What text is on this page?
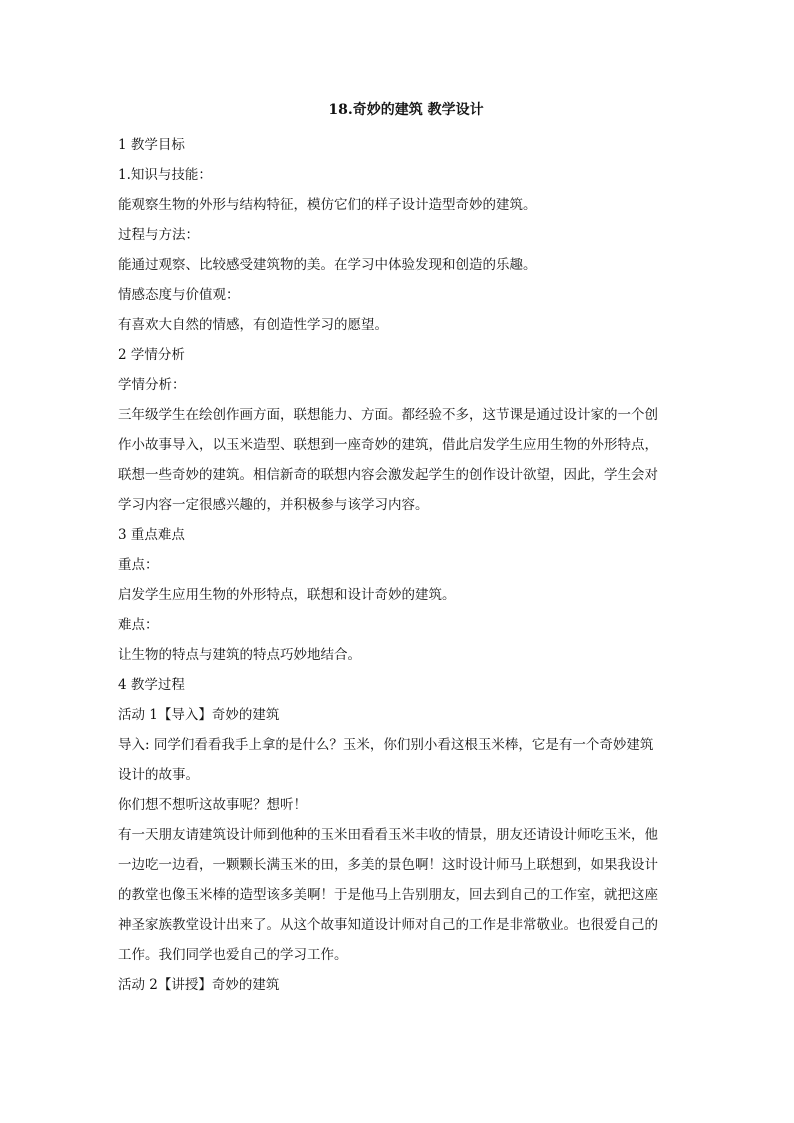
18.奇妙的建筑 教学设计
1 教学目标
1.知识与技能：
能观察生物的外形与结构特征，模仿它们的样子设计造型奇妙的建筑。
过程与方法：
能通过观察、比较感受建筑物的美。在学习中体验发现和创造的乐趣。
情感态度与价值观：
有喜欢大自然的情感，有创造性学习的愿望。
2 学情分析
学情分析：
三年级学生在绘创作画方面，联想能力、方面。都经验不多，这节课是通过设计家的一个创
作小故事导入，以玉米造型、联想到一座奇妙的建筑，借此启发学生应用生物的外形特点，
联想一些奇妙的建筑。相信新奇的联想内容会激发起学生的创作设计欲望，因此，学生会对
学习内容一定很感兴趣的，并积极参与该学习内容。
3 重点难点
重点：
启发学生应用生物的外形特点，联想和设计奇妙的建筑。
难点：
让生物的特点与建筑的特点巧妙地结合。
4 教学过程
活动 1【导入】奇妙的建筑
导入: 同学们看看我手上拿的是什么？玉米，你们别小看这根玉米棒，它是有一个奇妙建筑
设计的故事。
你们想不想听这故事呢？想听！
有一天朋友请建筑设计师到他种的玉米田看看玉米丰收的情景，朋友还请设计师吃玉米，他
一边吃一边看，一颗颗长满玉米的田，多美的景色啊！这时设计师马上联想到，如果我设计
的教堂也像玉米棒的造型该多美啊！于是他马上告别朋友，回去到自己的工作室，就把这座
神圣家族教堂设计出来了。从这个故事知道设计师对自己的工作是非常敬业。也很爱自己的
工作。我们同学也爱自己的学习工作。
活动 2【讲授】奇妙的建筑
